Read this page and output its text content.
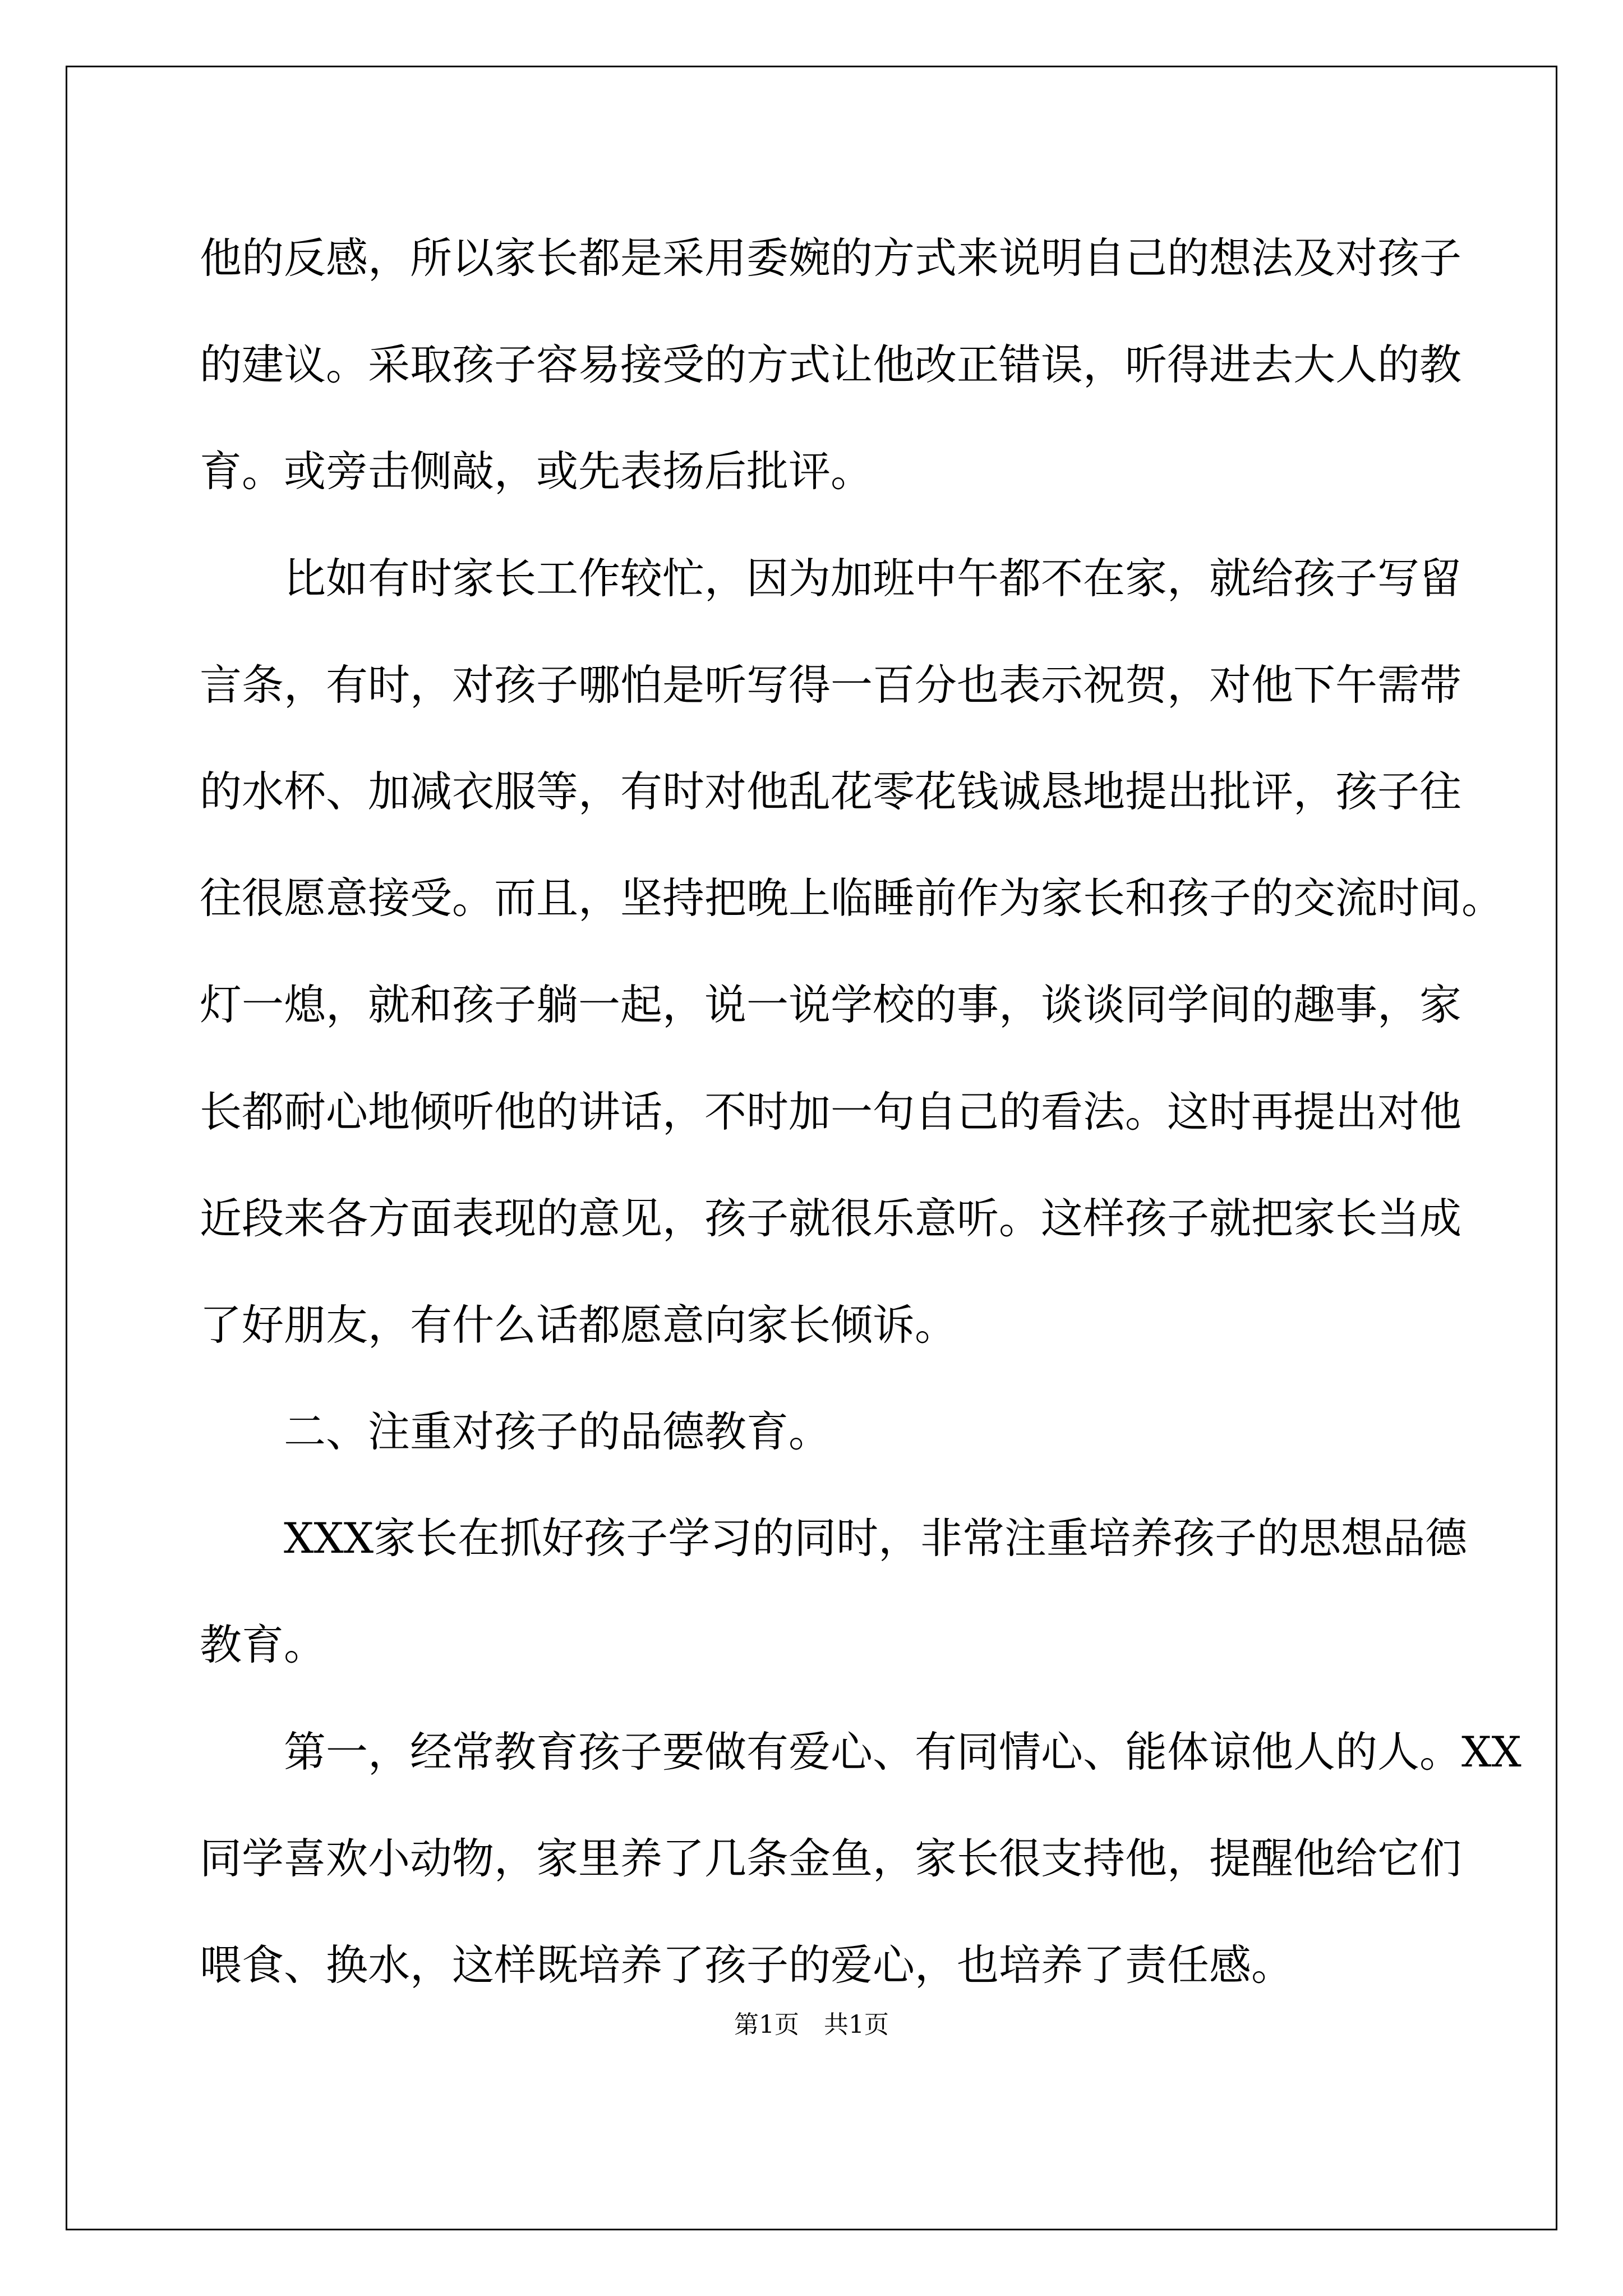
他的反感，所以家长都是采用委婉的方式来说明自己的想法及对孩子
的建议。采取孩子容易接受的方式让他改正错误，听得进去大人的教
育。或旁击侧敲，或先表扬后批评。
比如有时家长工作较忙，因为加班中午都不在家，就给孩子写留
言条，有时，对孩子哪怕是听写得一百分也表示祝贺，对他下午需带
的水杯、加减衣服等，有时对他乱花零花钱诚恳地提出批评，孩子往
往很愿意接受。而且，坚持把晚上临睡前作为家长和孩子的交流时间。
灯一熄，就和孩子躺一起，说一说学校的事，谈谈同学间的趣事，家
长都耐心地倾听他的讲话，不时加一句自己的看法。这时再提出对他
近段来各方面表现的意见，孩子就很乐意听。这样孩子就把家长当成
了好朋友，有什么话都愿意向家长倾诉。
二、注重对孩子的品德教育。
XXX家长在抓好孩子学习的同时，非常注重培养孩子的思想品德
教育。
第一，经常教育孩子要做有爱心、有同情心、能体谅他人的人。XX
同学喜欢小动物，家里养了几条金鱼，家长很支持他，提醒他给它们
喂食、换水，这样既培养了孩子的爱心，也培养了责任感。
第1页　共1页
